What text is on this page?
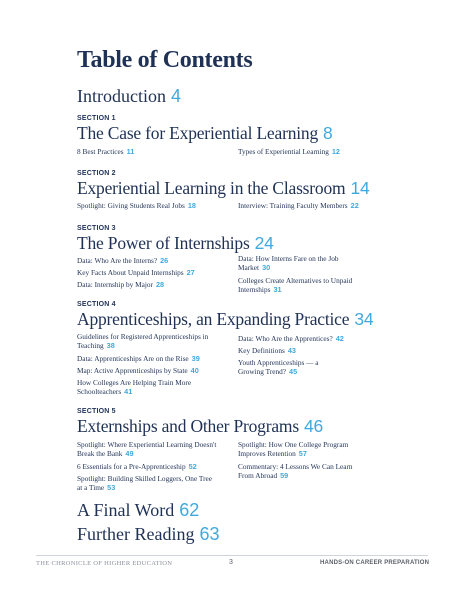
Table of Contents
Introduction 4
SECTION 1
The Case for Experiential Learning 8
8 Best Practices 11	Types of Experiential Learning 12
SECTION 2
Experiential Learning in the Classroom 14
Spotlight: Giving Students Real Jobs 18	Interview: Training Faculty Members 22
SECTION 3
The Power of Internships 24
Data: Who Are the Interns? 26
Key Facts About Unpaid Internships 27
Data: Internship by Major 28
Data: How Interns Fare on the Job Market 30
Colleges Create Alternatives to Unpaid Internships 31
SECTION 4
Apprenticeships, an Expanding Practice 34
Guidelines for Registered Apprenticeships in Teaching 38
Data: Apprenticeships Are on the Rise 39
Map: Active Apprenticeships by State 40
How Colleges Are Helping Train More Schoolteachers 41
Data: Who Are the Apprentices? 42
Key Definitions 43
Youth Apprenticeships — a Growing Trend? 45
SECTION 5
Externships and Other Programs 46
Spotlight: Where Experiential Learning Doesn't Break the Bank 49
6 Essentials for a Pre-Apprenticeship 52
Spotlight: Building Skilled Loggers, One Tree at a Time 53
Spotlight: How One College Program Improves Retention 57
Commentary: 4 Lessons We Can Learn From Abroad 59
A Final Word 62
Further Reading 63
THE CHRONICLE OF HIGHER EDUCATION	3	HANDS-ON CAREER PREPARATION
